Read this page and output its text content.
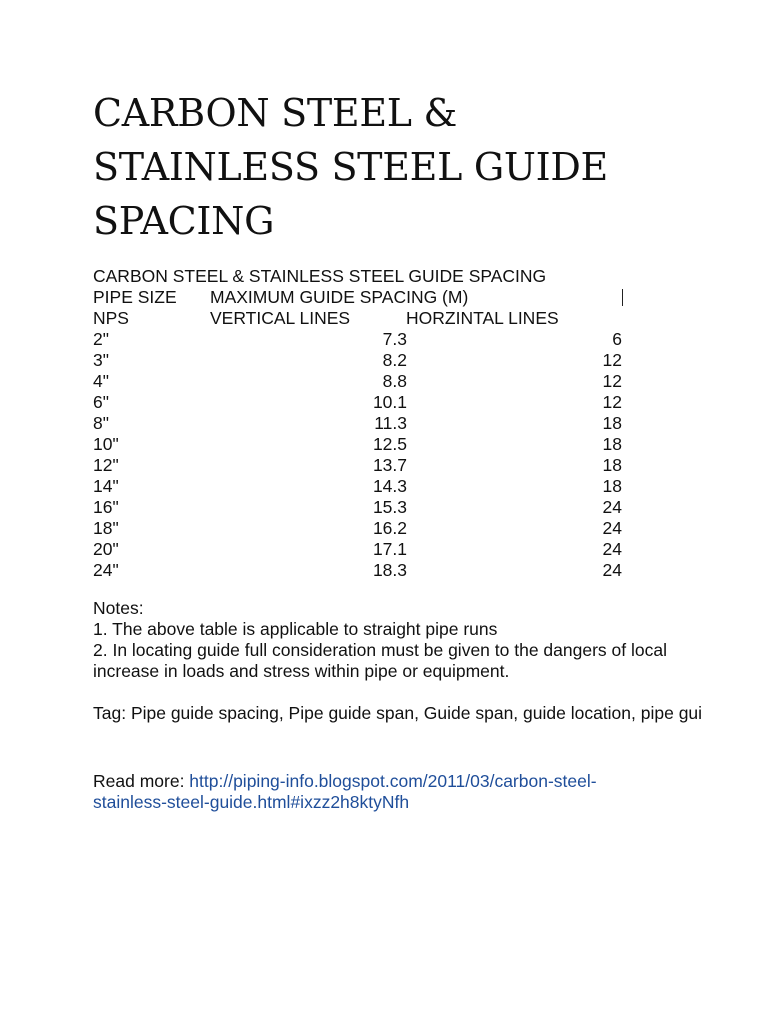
CARBON STEEL &
STAINLESS STEEL GUIDE
SPACING
CARBON STEEL & STAINLESS STEEL GUIDE SPACING
PIPE SIZE MAXIMUM GUIDE SPACING (M)
NPS	VERTICAL LINES	HORZINTAL LINES
2"	7.3	6
3"	8.2	12
4"	8.8	12
6"	10.1	12
8"	11.3	18
10"	12.5	18
12"	13.7	18
14"	14.3	18
16"	15.3	24
18"	16.2	24
20"	17.1	24
24"	18.3	24
Notes:
1. The above table is applicable to straight pipe runs
2. In locating guide full consideration must be given to the dangers of local
increase in loads and stress within pipe or equipment.
Tag: Pipe guide spacing, Pipe guide span, Guide span, guide location, pipe gui
Read more: http://piping-info.blogspot.com/2011/03/carbon-steel-
stainless-steel-guide.html#ixzz2h8ktyNfh
